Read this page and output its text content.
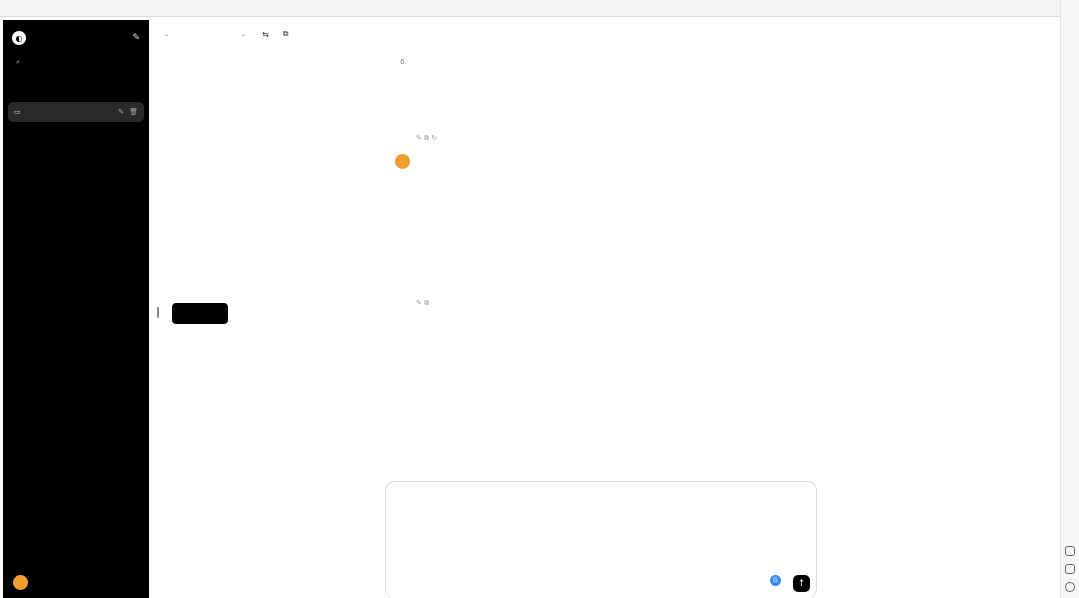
◐	✎
⌕
▭	✎ 🗑
⌄	⌄ ⇆ ⧉
6.
✎ ⧉ ↻
✎ ⧉
G	↑
